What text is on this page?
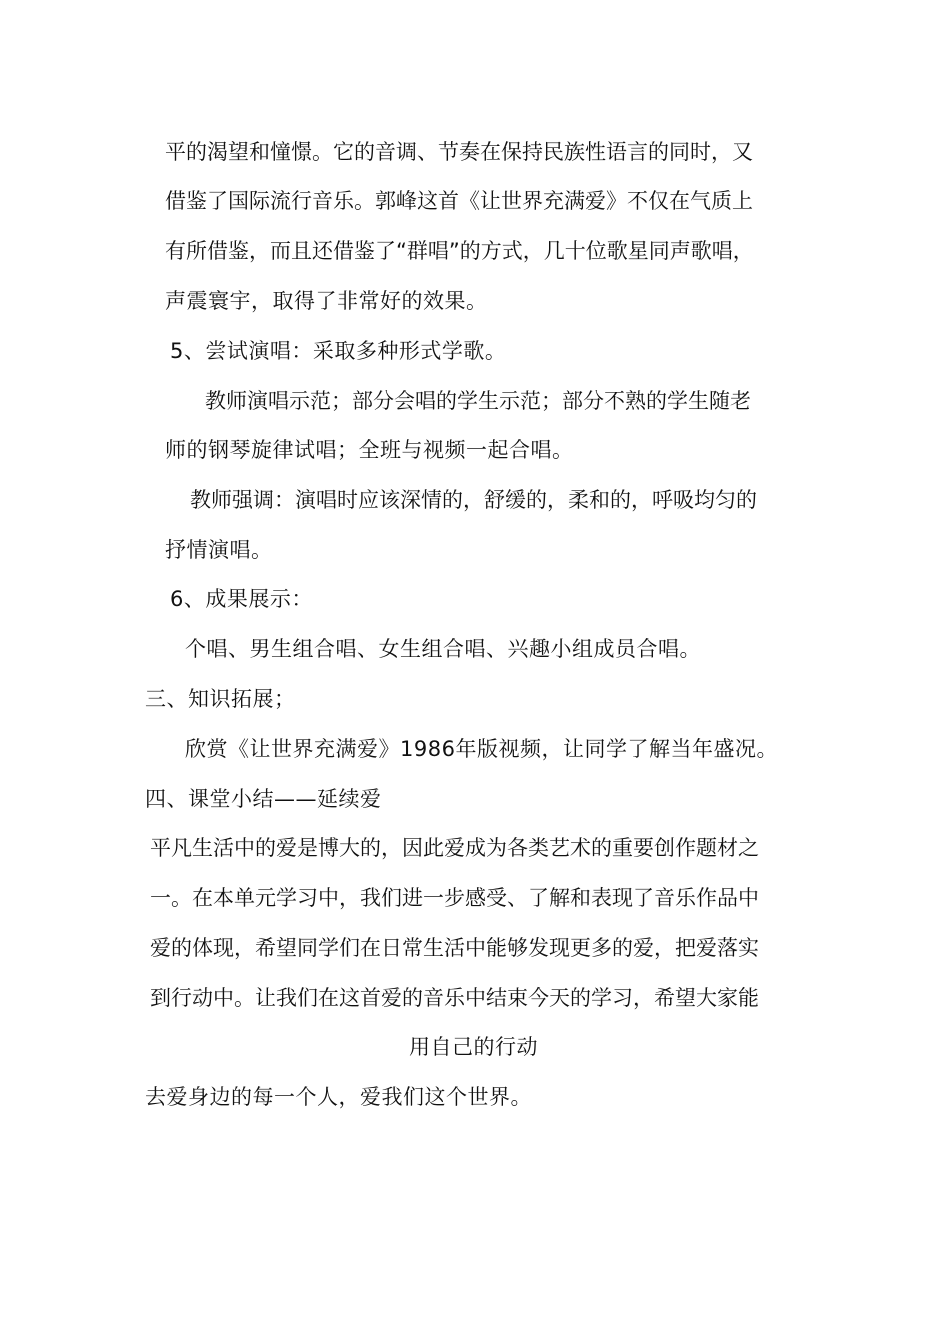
平的渴望和憧憬。它的音调、节奏在保持民族性语言的同时，又
借鉴了国际流行音乐。郭峰这首《让世界充满爱》不仅在气质上
有所借鉴，而且还借鉴了“群唱”的方式，几十位歌星同声歌唱，
声震寰宇，取得了非常好的效果。
5、尝试演唱：采取多种形式学歌。
教师演唱示范；部分会唱的学生示范；部分不熟的学生随老
师的钢琴旋律试唱；全班与视频一起合唱。
教师强调：演唱时应该深情的，舒缓的，柔和的，呼吸均匀的
抒情演唱。
6、成果展示：
个唱、男生组合唱、女生组合唱、兴趣小组成员合唱。
三、知识拓展；
欣赏《让世界充满爱》1986年版视频，让同学了解当年盛况。
四、课堂小结——延续爱
平凡生活中的爱是博大的，因此爱成为各类艺术的重要创作题材之
一。在本单元学习中，我们进一步感受、了解和表现了音乐作品中
爱的体现，希望同学们在日常生活中能够发现更多的爱，把爱落实
到行动中。让我们在这首爱的音乐中结束今天的学习，希望大家能
用自己的行动
去爱身边的每一个人，爱我们这个世界。
